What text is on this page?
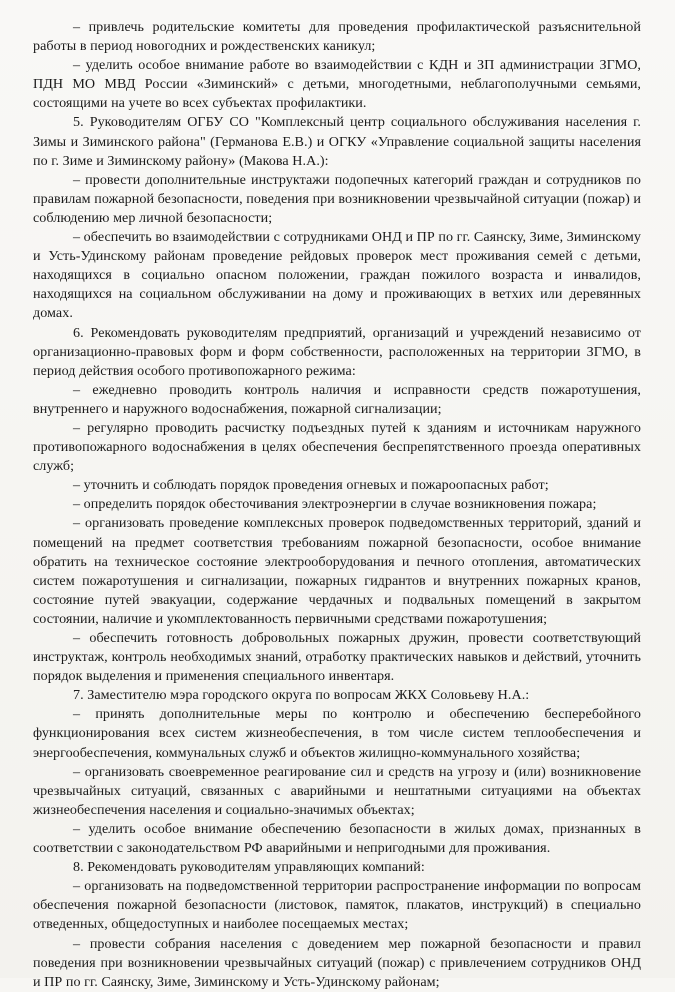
– привлечь родительские комитеты для проведения профилактической разъяснительной работы в период новогодних и рождественских каникул;

– уделить особое внимание работе во взаимодействии с КДН и ЗП администрации ЗГМО, ПДН МО МВД России «Зиминский» с детьми, многодетными, неблагополучными семьями, состоящими на учете во всех субъектах профилактики.

5. Руководителям ОГБУ СО "Комплексный центр социального обслуживания населения г. Зимы и Зиминского района" (Германова Е.В.) и ОГКУ «Управление социальной защиты населения по г. Зиме и Зиминскому району» (Макова Н.А.):

– провести дополнительные инструктажи подопечных категорий граждан и сотрудников по правилам пожарной безопасности, поведения при возникновении чрезвычайной ситуации (пожар) и соблюдению мер личной безопасности;

– обеспечить во взаимодействии с сотрудниками ОНД и ПР по гг. Саянску, Зиме, Зиминскому и Усть-Удинскому районам проведение рейдовых проверок мест проживания семей с детьми, находящихся в социально опасном положении, граждан пожилого возраста и инвалидов, находящихся на социальном обслуживании на дому и проживающих в ветхих или деревянных домах.

6. Рекомендовать руководителям предприятий, организаций и учреждений независимо от организационно-правовых форм и форм собственности, расположенных на территории ЗГМО, в период действия особого противопожарного режима:

– ежедневно проводить контроль наличия и исправности средств пожаротушения, внутреннего и наружного водоснабжения, пожарной сигнализации;

– регулярно проводить расчистку подъездных путей к зданиям и источникам наружного противопожарного водоснабжения в целях обеспечения беспрепятственного проезда оперативных служб;

– уточнить и соблюдать порядок проведения огневых и пожароопасных работ;

– определить порядок обесточивания электроэнергии в случае возникновения пожара;

– организовать проведение комплексных проверок подведомственных территорий, зданий и помещений на предмет соответствия требованиям пожарной безопасности, особое внимание обратить на техническое состояние электрооборудования и печного отопления, автоматических систем пожаротушения и сигнализации, пожарных гидрантов и внутренних пожарных кранов, состояние путей эвакуации, содержание чердачных и подвальных помещений в закрытом состоянии, наличие и укомплектованность первичными средствами пожаротушения;

– обеспечить готовность добровольных пожарных дружин, провести соответствующий инструктаж, контроль необходимых знаний, отработку практических навыков и действий, уточнить порядок выделения и применения специального инвентаря.

7. Заместителю мэра городского округа по вопросам ЖКХ Соловьеву Н.А.:

– принять дополнительные меры по контролю и обеспечению бесперебойного функционирования всех систем жизнеобеспечения, в том числе систем теплообеспечения и энергообеспечения, коммунальных служб и объектов жилищно-коммунального хозяйства;

– организовать своевременное реагирование сил и средств на угрозу и (или) возникновение чрезвычайных ситуаций, связанных с аварийными и нештатными ситуациями на объектах жизнеобеспечения населения и социально-значимых объектах;

– уделить особое внимание обеспечению безопасности в жилых домах, признанных в соответствии с законодательством РФ аварийными и непригодными для проживания.

8. Рекомендовать руководителям управляющих компаний:

– организовать на подведомственной территории распространение информации по вопросам обеспечения пожарной безопасности (листовок, памяток, плакатов, инструкций) в специально отведенных, общедоступных и наиболее посещаемых местах;

– провести собрания населения с доведением мер пожарной безопасности и правил поведения при возникновении чрезвычайных ситуаций (пожар) с привлечением сотрудников ОНД и ПР по гг. Саянску, Зиме, Зиминскому и Усть-Удинскому районам;
